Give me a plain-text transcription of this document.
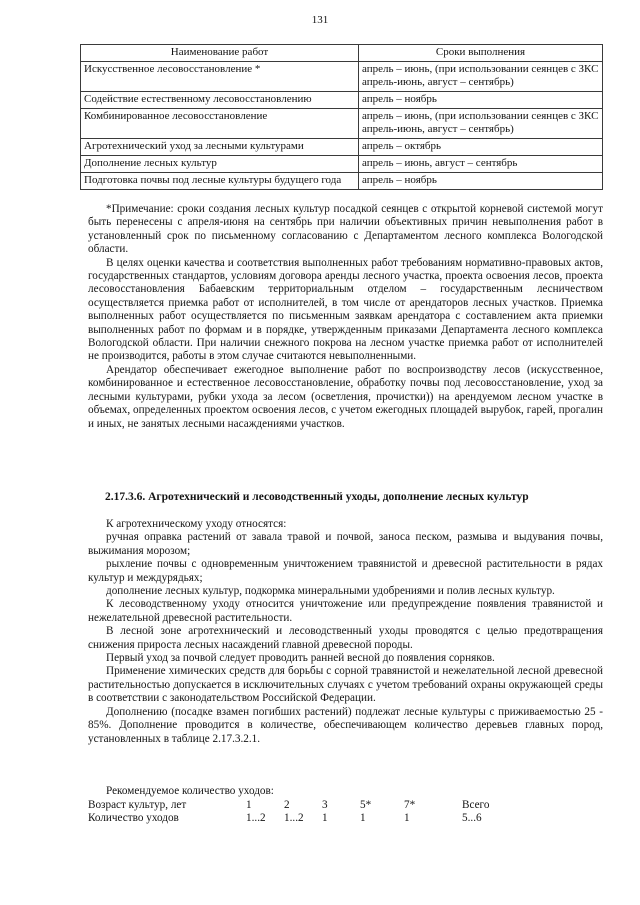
131
Наименование работ	Сроки выполнения
Искусственное лесовосстановление *	апрель – июнь, (при использовании сеянцев с ЗКС апрель-июнь, август – сентябрь)
Содействие естественному лесовосстановлению	апрель – ноябрь
Комбинированное лесовосстановление	апрель – июнь, (при использовании сеянцев с ЗКС апрель-июнь, август – сентябрь)
Агротехнический уход за лесными культурами	апрель – октябрь
Дополнение лесных культур	апрель – июнь, август – сентябрь
Подготовка почвы под лесные культуры будущего года	апрель – ноябрь

*Примечание: сроки создания лесных культур посадкой сеянцев с открытой корневой системой могут быть перенесены с апреля-июня на сентябрь при наличии объективных причин невыполнения работ в установленный срок по письменному согласованию с Департаментом лесного комплекса Вологодской области.

В целях оценки качества и соответствия выполненных работ требованиям нормативно-правовых актов, государственных стандартов, условиям договора аренды лесного участка, проекта освоения лесов, проекта лесовосстановления Бабаевским территориальным отделом – государственным лесничеством осуществляется приемка работ от исполнителей, в том числе от арендаторов лесных участков. Приемка выполненных работ осуществляется по письменным заявкам арендатора с составлением акта приемки выполненных работ по формам и в порядке, утвержденным приказами Департамента лесного комплекса Вологодской области. При наличии снежного покрова на лесном участке приемка работ от исполнителей не производится, работы в этом случае считаются невыполненными.

Арендатор обеспечивает ежегодное выполнение работ по воспроизводству лесов (искусственное, комбинированное и естественное лесовосстановление, обработку почвы под лесовосстановление, уход за лесными культурами, рубки ухода за лесом (осветления, прочистки)) на арендуемом лесном участке в объемах, определенных проектом освоения лесов, с учетом ежегодных площадей вырубок, гарей, прогалин и иных, не занятых лесными насаждениями участков.

2.17.3.6. Агротехнический и лесоводственный уходы, дополнение лесных культур

К агротехническому уходу относятся:

ручная оправка растений от завала травой и почвой, заноса песком, размыва и выдувания почвы, выжимания морозом;

рыхление почвы с одновременным уничтожением травянистой и древесной растительности в рядах культур и междурядьях;

дополнение лесных культур, подкормка минеральными удобрениями и полив лесных культур.

К лесоводственному уходу относится уничтожение или предупреждение появления травянистой и нежелательной древесной растительности.

В лесной зоне агротехнический и лесоводственный уходы проводятся с целью предотвращения снижения прироста лесных насаждений главной древесной породы.

Первый уход за почвой следует проводить ранней весной до появления сорняков.

Применение химических средств для борьбы с сорной травянистой и нежелательной лесной древесной растительностью допускается в исключительных случаях с учетом требований охраны окружающей среды в соответствии с законодательством Российской Федерации.

Дополнению (посадке взамен погибших растений) подлежат лесные культуры с приживаемостью 25 - 85%. Дополнение проводится в количестве, обеспечивающем количество деревьев главных пород, установленных в таблице 2.17.3.2.1.

Рекомендуемое количество уходов:

Возраст культур, лет	1	2	3	5*	7*	Всего
Количество уходов	1...2	1...2	1	1	1	5...6
